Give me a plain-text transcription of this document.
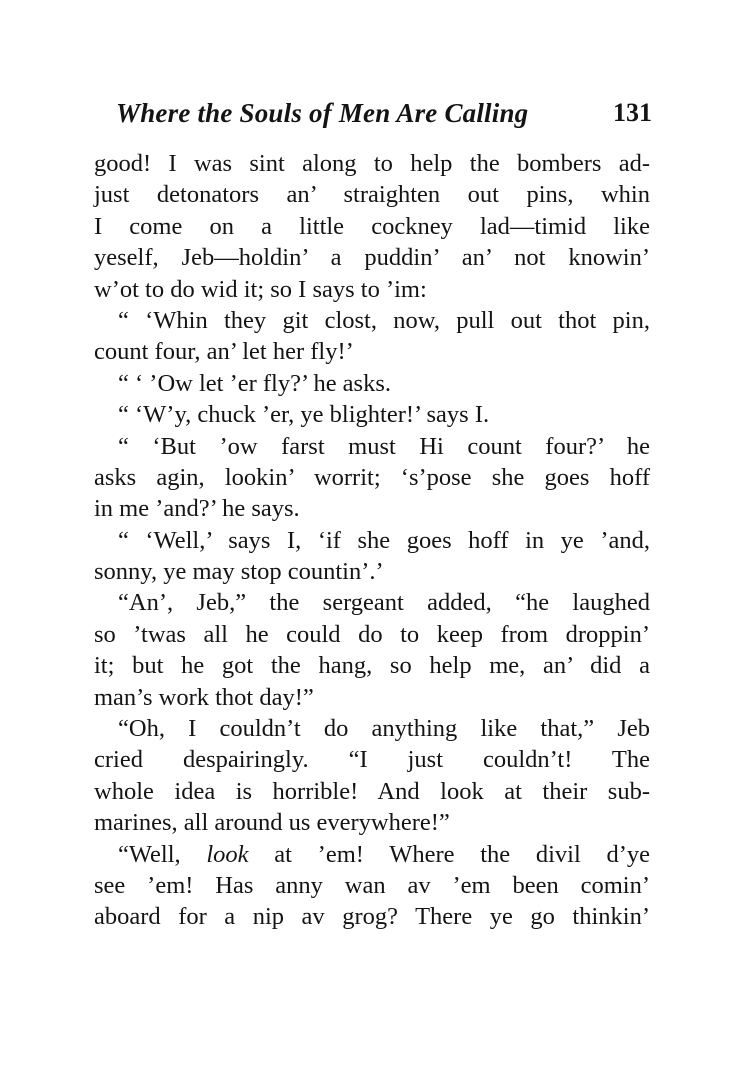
Where the Souls of Men Are Calling	131
good! I was sint along to help the bombers ad-
just detonators an’ straighten out pins, whin
I come on a little cockney lad—timid like
yeself, Jeb—holdin’ a puddin’ an’ not knowin’
w’ot to do wid it; so I says to ’im:
“ ‘Whin they git clost, now, pull out thot pin,
count four, an’ let her fly!’
“ ‘ ’Ow let ’er fly?’ he asks.
“ ‘W’y, chuck ’er, ye blighter!’ says I.
“ ‘But ’ow farst must Hi count four?’ he
asks agin, lookin’ worrit; ‘s’pose she goes hoff
in me ’and?’ he says.
“ ‘Well,’ says I, ‘if she goes hoff in ye ’and,
sonny, ye may stop countin’.’
“An’, Jeb,” the sergeant added, “he laughed
so ’twas all he could do to keep from droppin’
it; but he got the hang, so help me, an’ did a
man’s work thot day!”
“Oh, I couldn’t do anything like that,” Jeb
cried despairingly. “I just couldn’t! The
whole idea is horrible! And look at their sub-
marines, all around us everywhere!”
“Well, look at ’em! Where the divil d’ye
see ’em! Has anny wan av ’em been comin’
aboard for a nip av grog? There ye go thinkin’
